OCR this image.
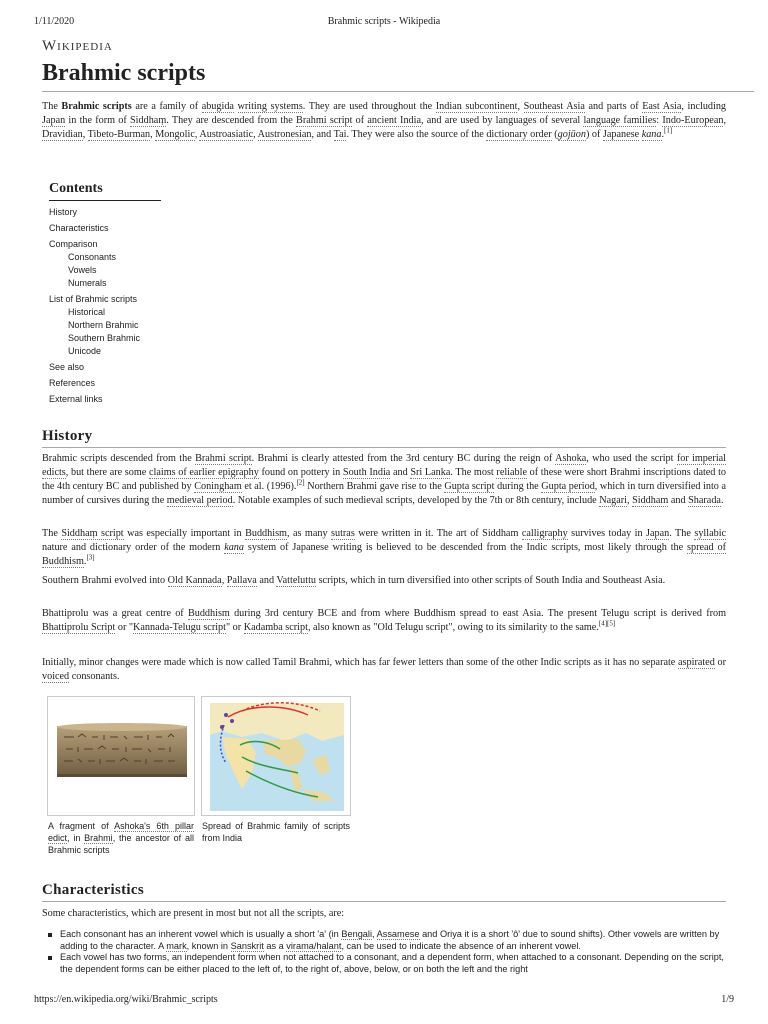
1/11/2020	Brahmic scripts - Wikipedia
Wikipedia
Brahmic scripts

The Brahmic scripts are a family of abugida writing systems. They are used throughout the Indian subcontinent, Southeast Asia and parts of East Asia, including Japan in the form of Siddhaṃ. They are descended from the Brahmi script of ancient India, and are used by languages of several language families: Indo-European, Dravidian, Tibeto-Burman, Mongolic, Austroasiatic, Austronesian, and Tai. They were also the source of the dictionary order (gojūon) of Japanese kana.[1]

Contents
History
Characteristics
Comparison
Consonants
Vowels
Numerals
List of Brahmic scripts
Historical
Northern Brahmic
Southern Brahmic
Unicode
See also
References
External links
History

Brahmic scripts descended from the Brahmi script. Brahmi is clearly attested from the 3rd century BC during the reign of Ashoka, who used the script for imperial edicts, but there are some claims of earlier epigraphy found on pottery in South India and Sri Lanka. The most reliable of these were short Brahmi inscriptions dated to the 4th century BC and published by Coningham et al. (1996).[2] Northern Brahmi gave rise to the Gupta script during the Gupta period, which in turn diversified into a number of cursives during the medieval period. Notable examples of such medieval scripts, developed by the 7th or 8th century, include Nagari, Siddham and Sharada.

The Siddhaṃ script was especially important in Buddhism, as many sutras were written in it. The art of Siddham calligraphy survives today in Japan. The syllabic nature and dictionary order of the modern kana system of Japanese writing is believed to be descended from the Indic scripts, most likely through the spread of Buddhism.[3]

Southern Brahmi evolved into Old Kannada, Pallava and Vatteluttu scripts, which in turn diversified into other scripts of South India and Southeast Asia.

Bhattiprolu was a great centre of Buddhism during 3rd century BCE and from where Buddhism spread to east Asia. The present Telugu script is derived from Bhattiprolu Script or "Kannada-Telugu script" or Kadamba script, also known as "Old Telugu script", owing to its similarity to the same.[4][5]

Initially, minor changes were made which is now called Tamil Brahmi, which has far fewer letters than some of the other Indic scripts as it has no separate aspirated or voiced consonants.

A fragment of Ashoka's 6th pillar edict, in Brahmi, the ancestor of all Brahmic scripts
Spread of Brahmic family of scripts from India
Characteristics

Some characteristics, which are present in most but not all the scripts, are:

Each consonant has an inherent vowel which is usually a short 'a' (in Bengali, Assamese and Oriya it is a short 'ô' due to sound shifts). Other vowels are written by adding to the character. A mark, known in Sanskrit as a virama/halant, can be used to indicate the absence of an inherent vowel.
Each vowel has two forms, an independent form when not attached to a consonant, and a dependent form, when attached to a consonant. Depending on the script, the dependent forms can be either placed to the left of, to the right of, above, below, or on both the left and the right
https://en.wikipedia.org/wiki/Brahmic_scripts	1/9
